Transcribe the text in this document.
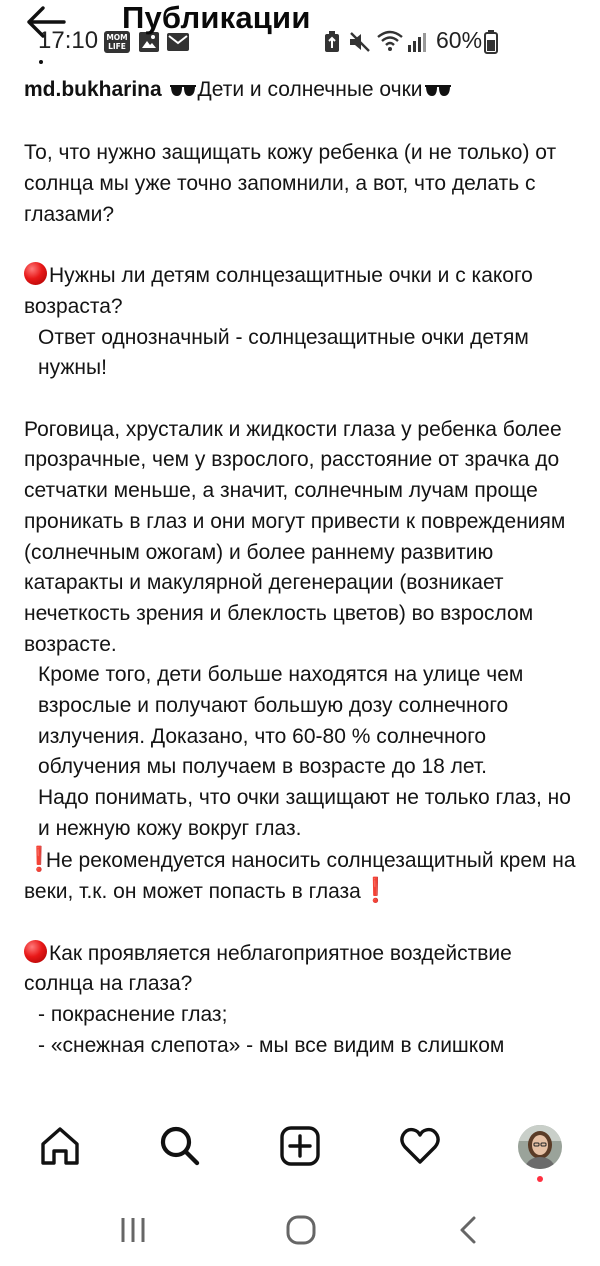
17:10 MOM
LIFE	60%
Публикации

md.bukharina Дети и солнечные очки

То, что нужно защищать кожу ребенка (и не только) от солнца мы уже точно запомнили, а вот, что делать с глазами?

Нужны ли детям солнцезащитные очки и с какого возраста?

Ответ однозначный - солнцезащитные очки детям нужны!

Роговица, хрусталик и жидкости глаза у ребенка более прозрачные, чем у взрослого, расстояние от зрачка до сетчатки меньше, а значит, солнечным лучам проще проникать в глаз и они могут привести к повреждениям (солнечным ожогам) и более раннему развитию катаракты и макулярной дегенерации (возникает нечеткость зрения и блеклость цветов) во взрослом возрасте.

Кроме того, дети больше находятся на улице чем взрослые и получают большую дозу солнечного излучения. Доказано, что 60-80 % солнечного облучения мы получаем в возрасте до 18 лет.

Надо понимать, что очки защищают не только глаз, но и нежную кожу вокруг глаз.

❗ Не рекомендуется наносить солнцезащитный крем на веки, т.к. он может попасть в глаза❗

Как проявляется неблагоприятное воздействие солнца на глаза?

- покраснение глаз;

- «снежная слепота» - мы все видим в слишком
